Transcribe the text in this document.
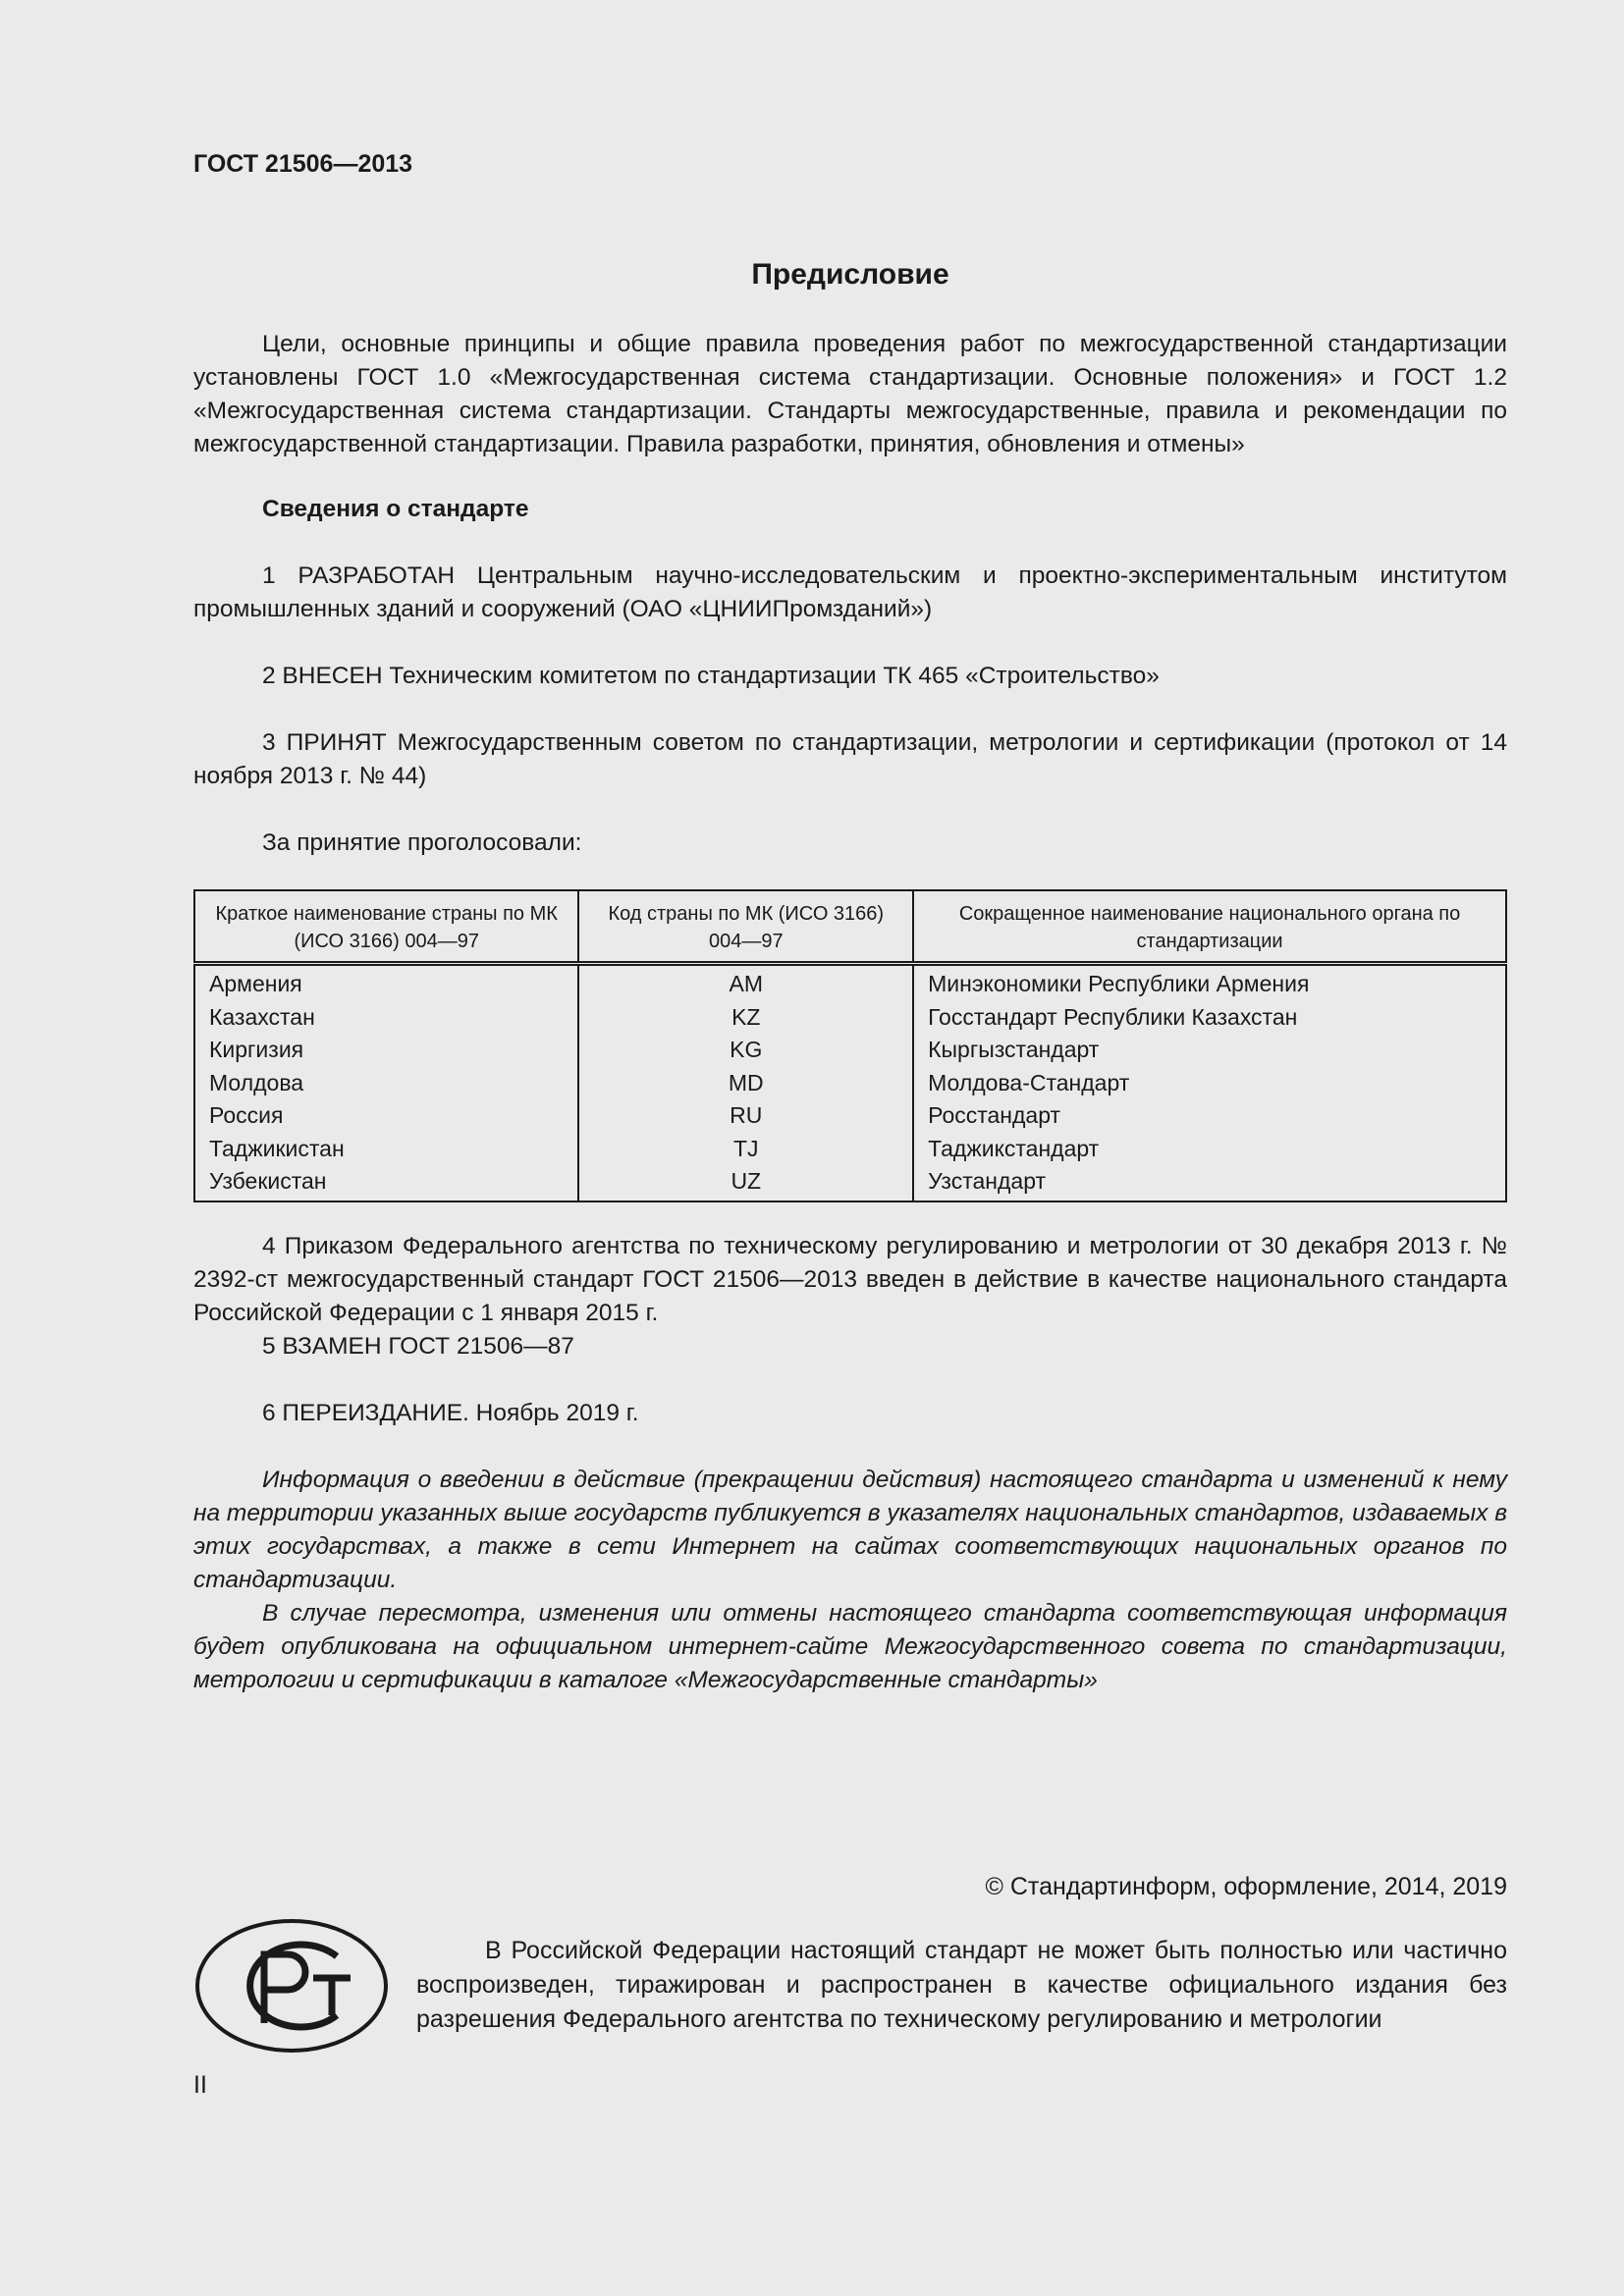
ГОСТ 21506—2013
Предисловие

Цели, основные принципы и общие правила проведения работ по межгосударственной стандартизации установлены ГОСТ 1.0 «Межгосударственная система стандартизации. Основные положения» и ГОСТ 1.2 «Межгосударственная система стандартизации. Стандарты межгосударственные, правила и рекомендации по межгосударственной стандартизации. Правила разработки, принятия, обновления и отмены»

Сведения о стандарте

1 РАЗРАБОТАН Центральным научно-исследовательским и проектно-экспериментальным институтом промышленных зданий и сооружений (ОАО «ЦНИИПромзданий»)

2 ВНЕСЕН Техническим комитетом по стандартизации ТК 465 «Строительство»

3 ПРИНЯТ Межгосударственным советом по стандартизации, метрологии и сертификации (протокол от 14 ноября 2013 г. № 44)

За принятие проголосовали:

Краткое наименование страны по МК (ИСО 3166) 004—97	Код страны по МК (ИСО 3166) 004—97	Сокращенное наименование национального органа по стандартизации
Армения	AM	Минэкономики Республики Армения
Казахстан	KZ	Госстандарт Республики Казахстан
Киргизия	KG	Кыргызстандарт
Молдова	MD	Молдова-Стандарт
Россия	RU	Росстандарт
Таджикистан	TJ	Таджикстандарт
Узбекистан	UZ	Узстандарт

4 Приказом Федерального агентства по техническому регулированию и метрологии от 30 декабря 2013 г. № 2392-ст межгосударственный стандарт ГОСТ 21506—2013 введен в действие в качестве национального стандарта Российской Федерации с 1 января 2015 г.

5 ВЗАМЕН ГОСТ 21506—87

6 ПЕРЕИЗДАНИЕ. Ноябрь 2019 г.

Информация о введении в действие (прекращении действия) настоящего стандарта и изменений к нему на территории указанных выше государств публикуется в указателях национальных стандартов, издаваемых в этих государствах, а также в сети Интернет на сайтах соответствующих национальных органов по стандартизации.

В случае пересмотра, изменения или отмены настоящего стандарта соответствующая информация будет опубликована на официальном интернет-сайте Межгосударственного совета по стандартизации, метрологии и сертификации в каталоге «Межгосударственные стандарты»

© Стандартинформ, оформление, 2014, 2019
В Российской Федерации настоящий стандарт не может быть полностью или частично воспроизведен, тиражирован и распространен в качестве официального издания без разрешения Федерального агентства по техническому регулированию и метрологии
II
